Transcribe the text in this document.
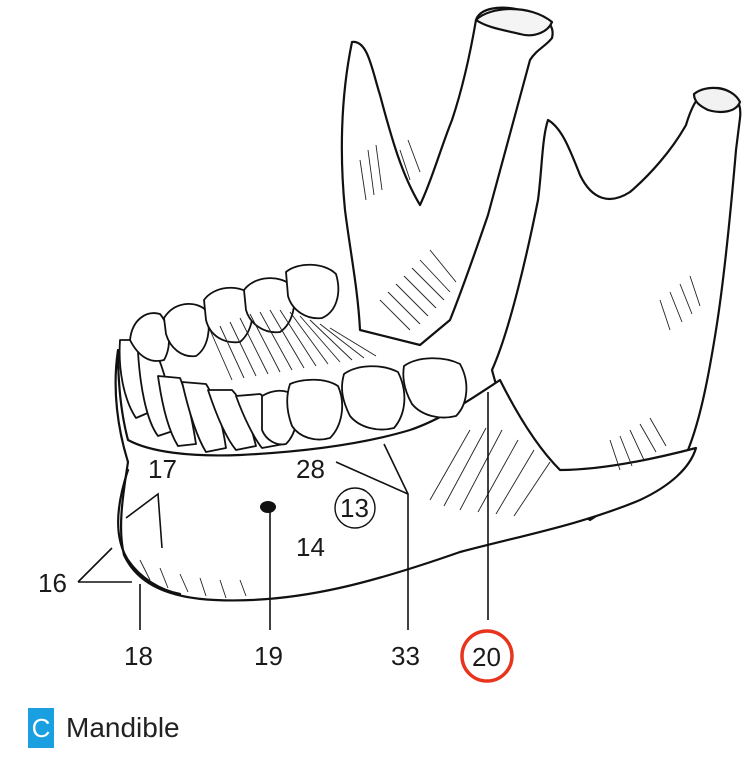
17	28
13
14
16
18	19	33 20
C Mandible
